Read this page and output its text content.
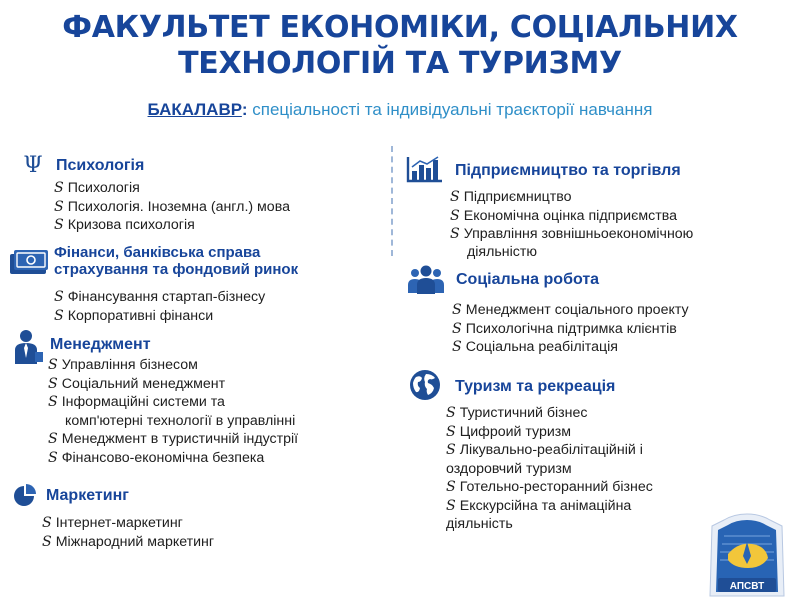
ФАКУЛЬТЕТ ЕКОНОМІКИ, СОЦІАЛЬНИХ
ТЕХНОЛОГІЙ ТА ТУРИЗМУ
БАКАЛАВР: спеціальності та індивідуальні траєкторії навчання
Ψ Психологія
S Психологія
S Психологія. Іноземна (англ.) мова
S Кризова психологія
Фінанси, банківська справа
страхування та фондовий ринок
S Фінансування стартап-бізнесу
S Корпоративні фінанси
Менеджмент
S Управління бізнесом
S Соціальний менеджмент
S Інформаційні системи та
комп'ютерні технології в управлінні
S Менеджмент в туристичній індустрії
S Фінансово-економічна безпека
Маркетинг
S Інтернет-маркетинг
S Міжнародний маркетинг
Підприємництво та торгівля
S Підприємництво
S Економічна оцінка підприємства
S Управління зовнішньоекономічною
діяльністю
Соціальна робота
S Менеджмент соціального проекту
S Психологічна підтримка клієнтів
S Соціальна реабілітація
Туризм та рекреація
S Туристичний бізнес
S Цифроий туризм
S Лікувально-реабілітаційній і
оздоровчий туризм
S Готельно-ресторанний бізнес
S Екскурсійна та анімаційна
діяльність
АПСВТ
